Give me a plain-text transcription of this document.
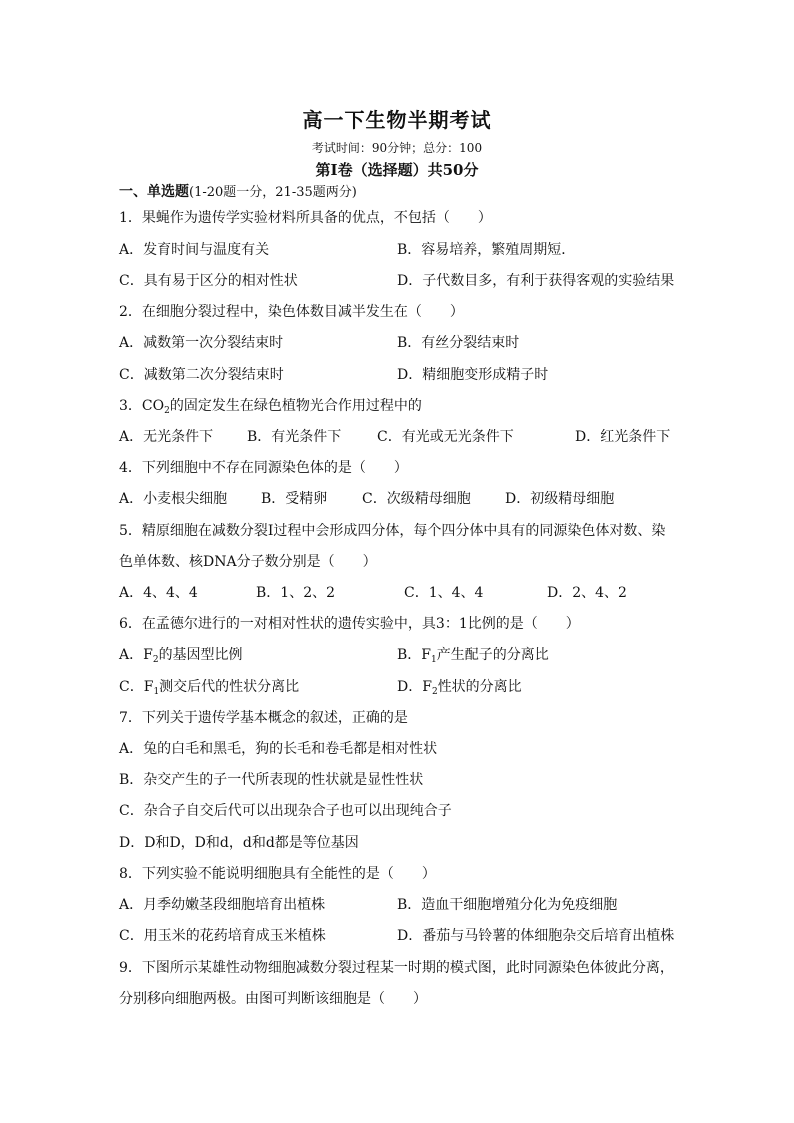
高一下生物半期考试
考试时间：90分钟；总分：100
第Ⅰ卷（选择题）共50分
一、单选题(1-20题一分，21-35题两分)
1．果蝇作为遗传学实验材料所具备的优点，不包括（　　）
A．发育时间与温度有关	B．容易培养，繁殖周期短．
C．具有易于区分的相对性状	D．子代数目多，有利于获得客观的实验结果
2．在细胞分裂过程中，染色体数目减半发生在（　　）
A．减数第一次分裂结束时	B．有丝分裂结束时
C．减数第二次分裂结束时	D．精细胞变形成精子时
3．$CO_2$的固定发生在绿色植物光合作用过程中的
A．无光条件下 B．有光条件下	C．有光或无光条件下	D．红光条件下
4．下列细胞中不存在同源染色体的是（　　）
A．小麦根尖细胞 B．受精卵 C．次级精母细胞 D．初级精母细胞
5．精原细胞在减数分裂Ⅰ过程中会形成四分体，每个四分体中具有的同源染色体对数、染
色单体数、核DNA分子数分别是（　　）
A．4、4、4	B．1、2、2	C．1、4、4	D．2、4、2
6．在孟德尔进行的一对相对性状的遗传实验中，具3：1比例的是（　　）
A．$F_2$的基因型比例	B．$F_1$产生配子的分离比
C．$F_1$测交后代的性状分离比	D．$F_2$性状的分离比
7．下列关于遗传学基本概念的叙述，正确的是
A．兔的白毛和黑毛，狗的长毛和卷毛都是相对性状
B．杂交产生的子一代所表现的性状就是显性性状
C．杂合子自交后代可以出现杂合子也可以出现纯合子
D．D和D，D和d，d和d都是等位基因
8．下列实验不能说明细胞具有全能性的是（　　）
A．月季幼嫩茎段细胞培育出植株	B．造血干细胞增殖分化为免疫细胞
C．用玉米的花药培育成玉米植株	D．番茄与马铃薯的体细胞杂交后培育出植株
9．下图所示某雄性动物细胞减数分裂过程某一时期的模式图，此时同源染色体彼此分离，
分别移向细胞两极。由图可判断该细胞是（　　）
